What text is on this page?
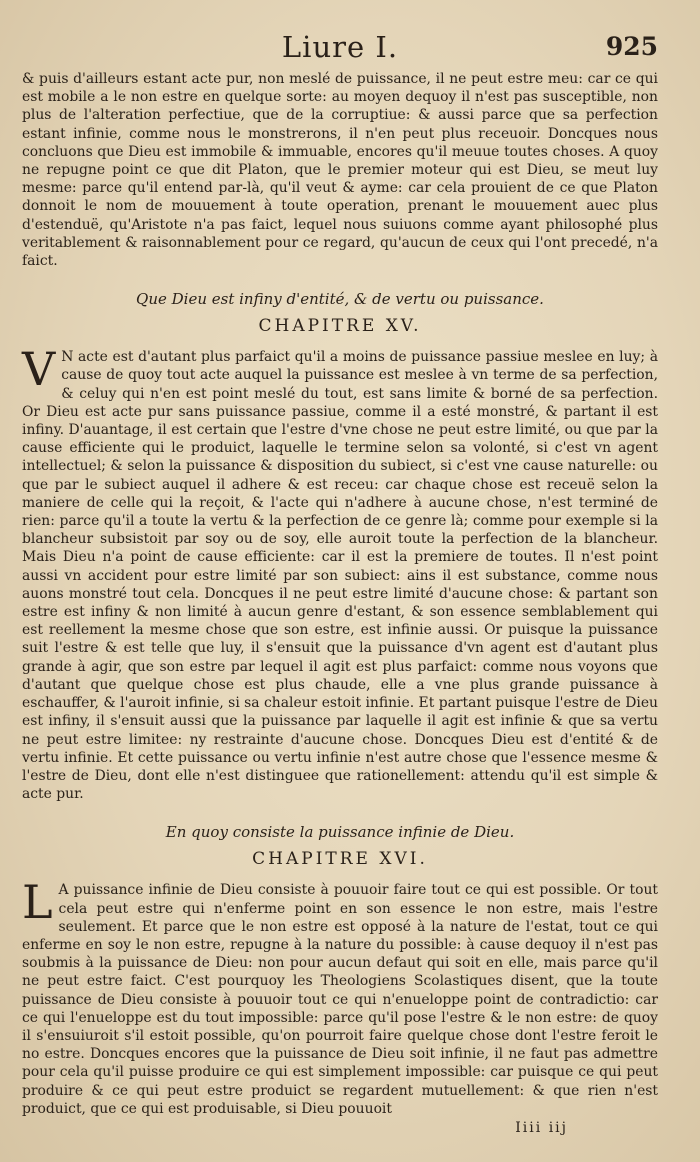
Liure I.	925

& puis d'ailleurs estant acte pur, non meslé de puissance, il ne peut estre meu: car ce qui est mobile a le non estre en quelque sorte: au moyen dequoy il n'est pas susceptible, non plus de l'alteration perfectiue, que de la corruptiue: & aussi parce que sa perfection estant infinie, comme nous le monstrerons, il n'en peut plus receuoir. Doncques nous concluons que Dieu est immobile & immuable, encores qu'il meuue toutes choses. A quoy ne repugne point ce que dit Platon, que le premier moteur qui est Dieu, se meut luy mesme: parce qu'il entend par-là, qu'il veut & ayme: car cela prouient de ce que Platon donnoit le nom de mouuement à toute operation, prenant le mouuement auec plus d'estenduë, qu'Aristote n'a pas faict, lequel nous suiuons comme ayant philosophé plus veritablement & raisonnablement pour ce regard, qu'aucun de ceux qui l'ont precedé, n'a faict.

Que Dieu est infiny d'entité, & de vertu ou puissance.
CHAPITRE XV.
V N acte est d'autant plus parfaict qu'il a moins de puissance passiue meslee en luy; à cause de quoy tout acte auquel la puissance est meslee à vn terme de sa perfection, & celuy qui n'en est point meslé du tout, est sans limite & borné de sa perfection. Or Dieu est acte pur sans puissance passiue, comme il a esté monstré, & partant il est infiny. D'auantage, il est certain que l'estre d'vne chose ne peut estre limité, ou que par la cause efficiente qui le produict, laquelle le termine selon sa volonté, si c'est vn agent intellectuel; & selon la puissance & disposition du subiect, si c'est vne cause naturelle: ou que par le subiect auquel il adhere & est receu: car chaque chose est receuë selon la maniere de celle qui la reçoit, & l'acte qui n'adhere à aucune chose, n'est terminé de rien: parce qu'il a toute la vertu & la perfection de ce genre là; comme pour exemple si la blancheur subsistoit par soy ou de soy, elle auroit toute la perfection de la blancheur. Mais Dieu n'a point de cause efficiente: car il est la premiere de toutes. Il n'est point aussi vn accident pour estre limité par son subiect: ains il est substance, comme nous auons monstré tout cela. Doncques il ne peut estre limité d'aucune chose: & partant son estre est infiny & non limité à aucun genre d'estant, & son essence semblablement qui est reellement la mesme chose que son estre, est infinie aussi. Or puisque la puissance suit l'estre & est telle que luy, il s'ensuit que la puissance d'vn agent est d'autant plus grande à agir, que son estre par lequel il agit est plus parfaict: comme nous voyons que d'autant que quelque chose est plus chaude, elle a vne plus grande puissance à eschauffer, & l'auroit infinie, si sa chaleur estoit infinie. Et partant puisque l'estre de Dieu est infiny, il s'ensuit aussi que la puissance par laquelle il agit est infinie & que sa vertu ne peut estre limitee: ny restrainte d'aucune chose. Doncques Dieu est d'entité & de vertu infinie. Et cette puissance ou vertu infinie n'est autre chose que l'essence mesme & l'estre de Dieu, dont elle n'est distinguee que rationellement: attendu qu'il est simple & acte pur.

En quoy consiste la puissance infinie de Dieu.
CHAPITRE XVI.
L A puissance infinie de Dieu consiste à pouuoir faire tout ce qui est possible. Or tout cela peut estre qui n'enferme point en son essence le non estre, mais l'estre seulement. Et parce que le non estre est opposé à la nature de l'estat, tout ce qui enferme en soy le non estre, repugne à la nature du possible: à cause dequoy il n'est pas soubmis à la puissance de Dieu: non pour aucun defaut qui soit en elle, mais parce qu'il ne peut estre faict. C'est pourquoy les Theologiens Scolastiques disent, que la toute puissance de Dieu consiste à pouuoir tout ce qui n'enueloppe point de contradictio: car ce qui l'enueloppe est du tout impossible: parce qu'il pose l'estre & le non estre: de quoy il s'ensuiuroit s'il estoit possible, qu'on pourroit faire quelque chose dont l'estre feroit le no estre. Doncques encores que la puissance de Dieu soit infinie, il ne faut pas admettre pour cela qu'il puisse produire ce qui est simplement impossible: car puisque ce qui peut produire & ce qui peut estre produict se regardent mutuellement: & que rien n'est produict, que ce qui est produisable, si Dieu pouuoit

Iiii iij
